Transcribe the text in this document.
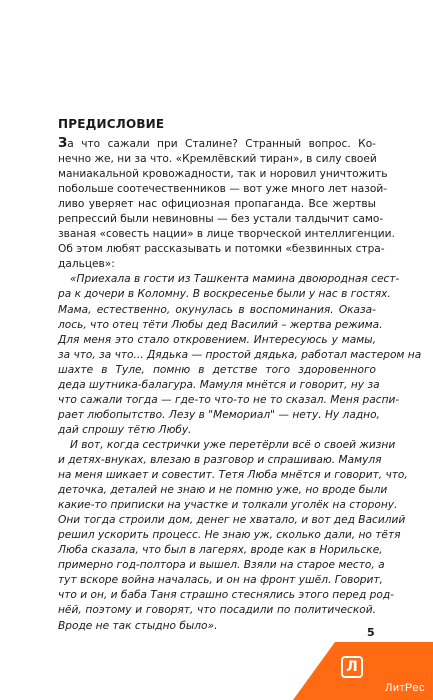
ПРЕДИСЛОВИЕ

За что сажали при Сталине? Странный вопрос. Ко-
нечно же, ни за что. «Кремлёвский тиран», в силу своей
маниакальной кровожадности, так и норовил уничтожить
побольше соотечественников — вот уже много лет назой-
ливо уверяет нас официозная пропаганда. Все жертвы
репрессий были невиновны — без устали талдычит само-
званая «совесть нации» в лице творческой интеллигенции.
Об этом любят рассказывать и потомки «безвинных стра-
дальцев»:

«Приехала в гости из Ташкента мамина двоюродная сест-
ра к дочери в Коломну. В воскресенье были у нас в гостях.
Мама, естественно, окунулась в воспоминания. Оказа-
лось, что отец тёти Любы дед Василий – жертва режима.
Для меня это стало откровением. Интересуюсь у мамы,
за что, за что... Дядька — простой дядька, работал мастером на
шахте в Туле, помню в детстве того здоровенного
деда шутника-балагура. Мамуля мнётся и говорит, ну за
что сажали тогда — где-то что-то не то сказал. Меня распи-
рает любопытство. Лезу в "Мемориал" — нету. Ну ладно,
дай спрошу тётю Любу.

И вот, когда сестрички уже перетёрли всё о своей жизни
и детях-внуках, влезаю в разговор и спрашиваю. Мамуля
на меня шикает и совестит. Тетя Люба мнётся и говорит, что,
деточка, деталей не знаю и не помню уже, но вроде были
какие-то приписки на участке и толкали уголёк на сторону.
Они тогда строили дом, денег не хватало, и вот дед Василий
решил ускорить процесс. Не знаю уж, сколько дали, но тётя
Люба сказала, что был в лагерях, вроде как в Норильске,
примерно год-полтора и вышел. Взяли на старое место, а
тут вскоре война началась, и он на фронт ушёл. Говорит,
что и он, и баба Таня страшно стеснялись этого перед род-
нёй, поэтому и говорят, что посадили по политической.
Вроде не так стыдно было».

5
Л
ЛитРес
